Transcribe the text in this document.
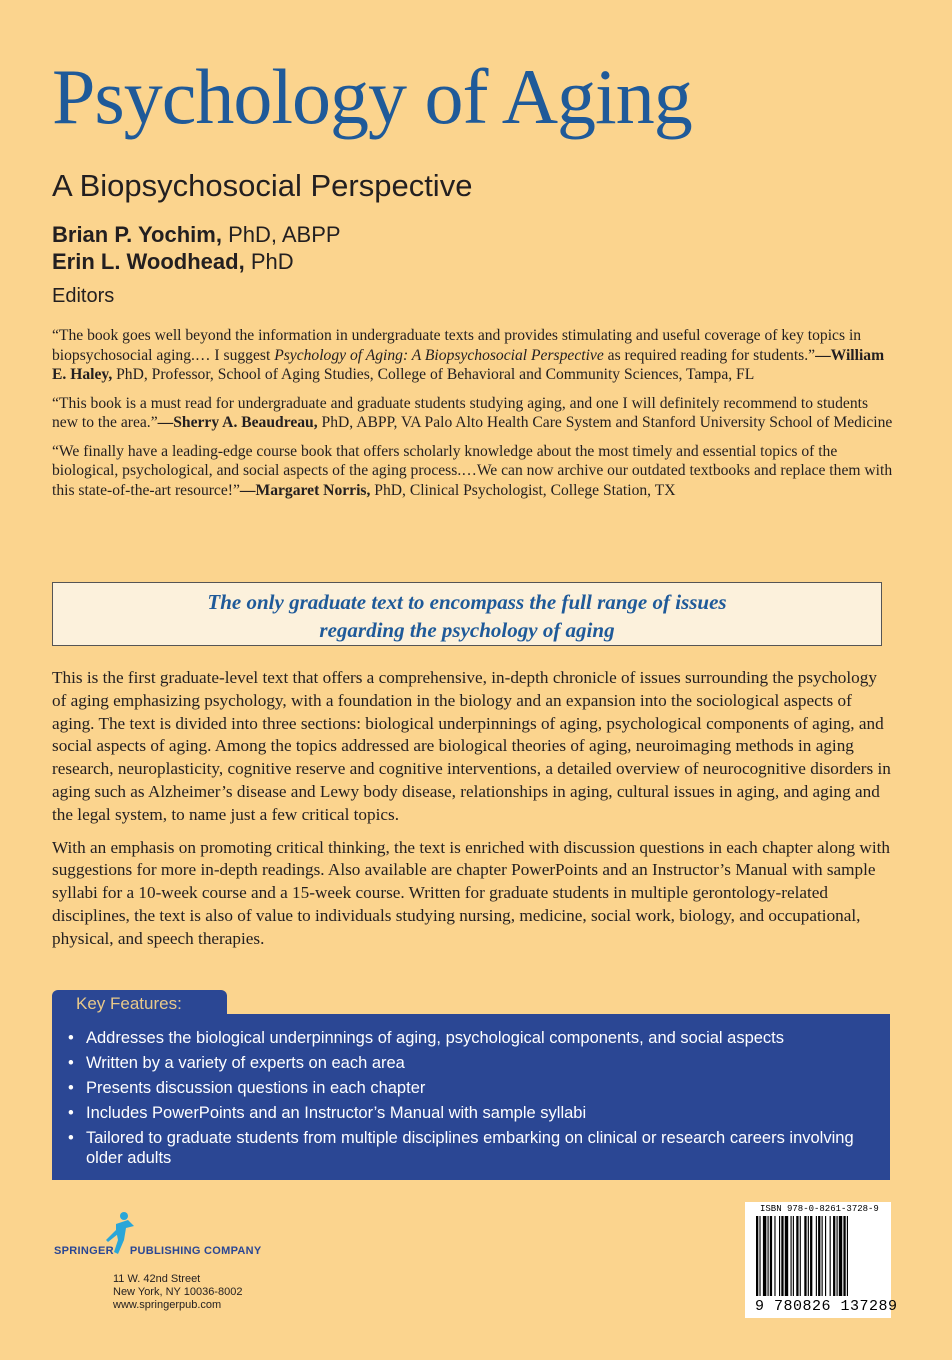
Psychology of Aging
A Biopsychosocial Perspective
Brian P. Yochim, PhD, ABPP
Erin L. Woodhead, PhD
Editors

“The book goes well beyond the information in undergraduate texts and provides stimulating and useful coverage of key topics in biopsychosocial aging.… I suggest Psychology of Aging: A Biopsychosocial Perspective as required reading for students.”—William E. Haley, PhD, Professor, School of Aging Studies, College of Behavioral and Community Sciences, Tampa, FL

“This book is a must read for undergraduate and graduate students studying aging, and one I will definitely recommend to students new to the area.”—Sherry A. Beaudreau, PhD, ABPP, VA Palo Alto Health Care System and Stanford University School of Medicine

“We finally have a leading-edge course book that offers scholarly knowledge about the most timely and essential topics of the biological, psychological, and social aspects of the aging process.…We can now archive our outdated textbooks and replace them with this state-of-the-art resource!”—Margaret Norris, PhD, Clinical Psychologist, College Station, TX

The only graduate text to encompass the full range of issues
regarding the psychology of aging

This is the first graduate-level text that offers a comprehensive, in-depth chronicle of issues surrounding the psychology of aging emphasizing psychology, with a foundation in the biology and an expansion into the sociological aspects of aging. The text is divided into three sections: biological underpinnings of aging, psychological components of aging, and social aspects of aging. Among the topics addressed are biological theories of aging, neuroimaging methods in aging research, neuroplasticity, cognitive reserve and cognitive interventions, a detailed overview of neurocognitive disorders in aging such as Alzheimer’s disease and Lewy body disease, relationships in aging, cultural issues in aging, and aging and the legal system, to name just a few critical topics.

With an emphasis on promoting critical thinking, the text is enriched with discussion questions in each chapter along with suggestions for more in-depth readings. Also available are chapter PowerPoints and an Instructor’s Manual with sample syllabi for a 10-week course and a 15-week course. Written for graduate students in multiple gerontology-related disciplines, the text is also of value to individuals studying nursing, medicine, social work, biology, and occupational, physical, and speech therapies.

Key Features:
• Addresses the biological underpinnings of aging, psychological components, and social aspects
• Written by a variety of experts on each area
• Presents discussion questions in each chapter
• Includes PowerPoints and an Instructor’s Manual with sample syllabi
• Tailored to graduate students from multiple disciplines embarking on clinical or research careers involving older adults
SPRINGER PUBLISHING COMPANY
11 W. 42nd Street
New York, NY 10036-8002
www.springerpub.com
ISBN 978-0-8261-3728-9
9 780826 137289
